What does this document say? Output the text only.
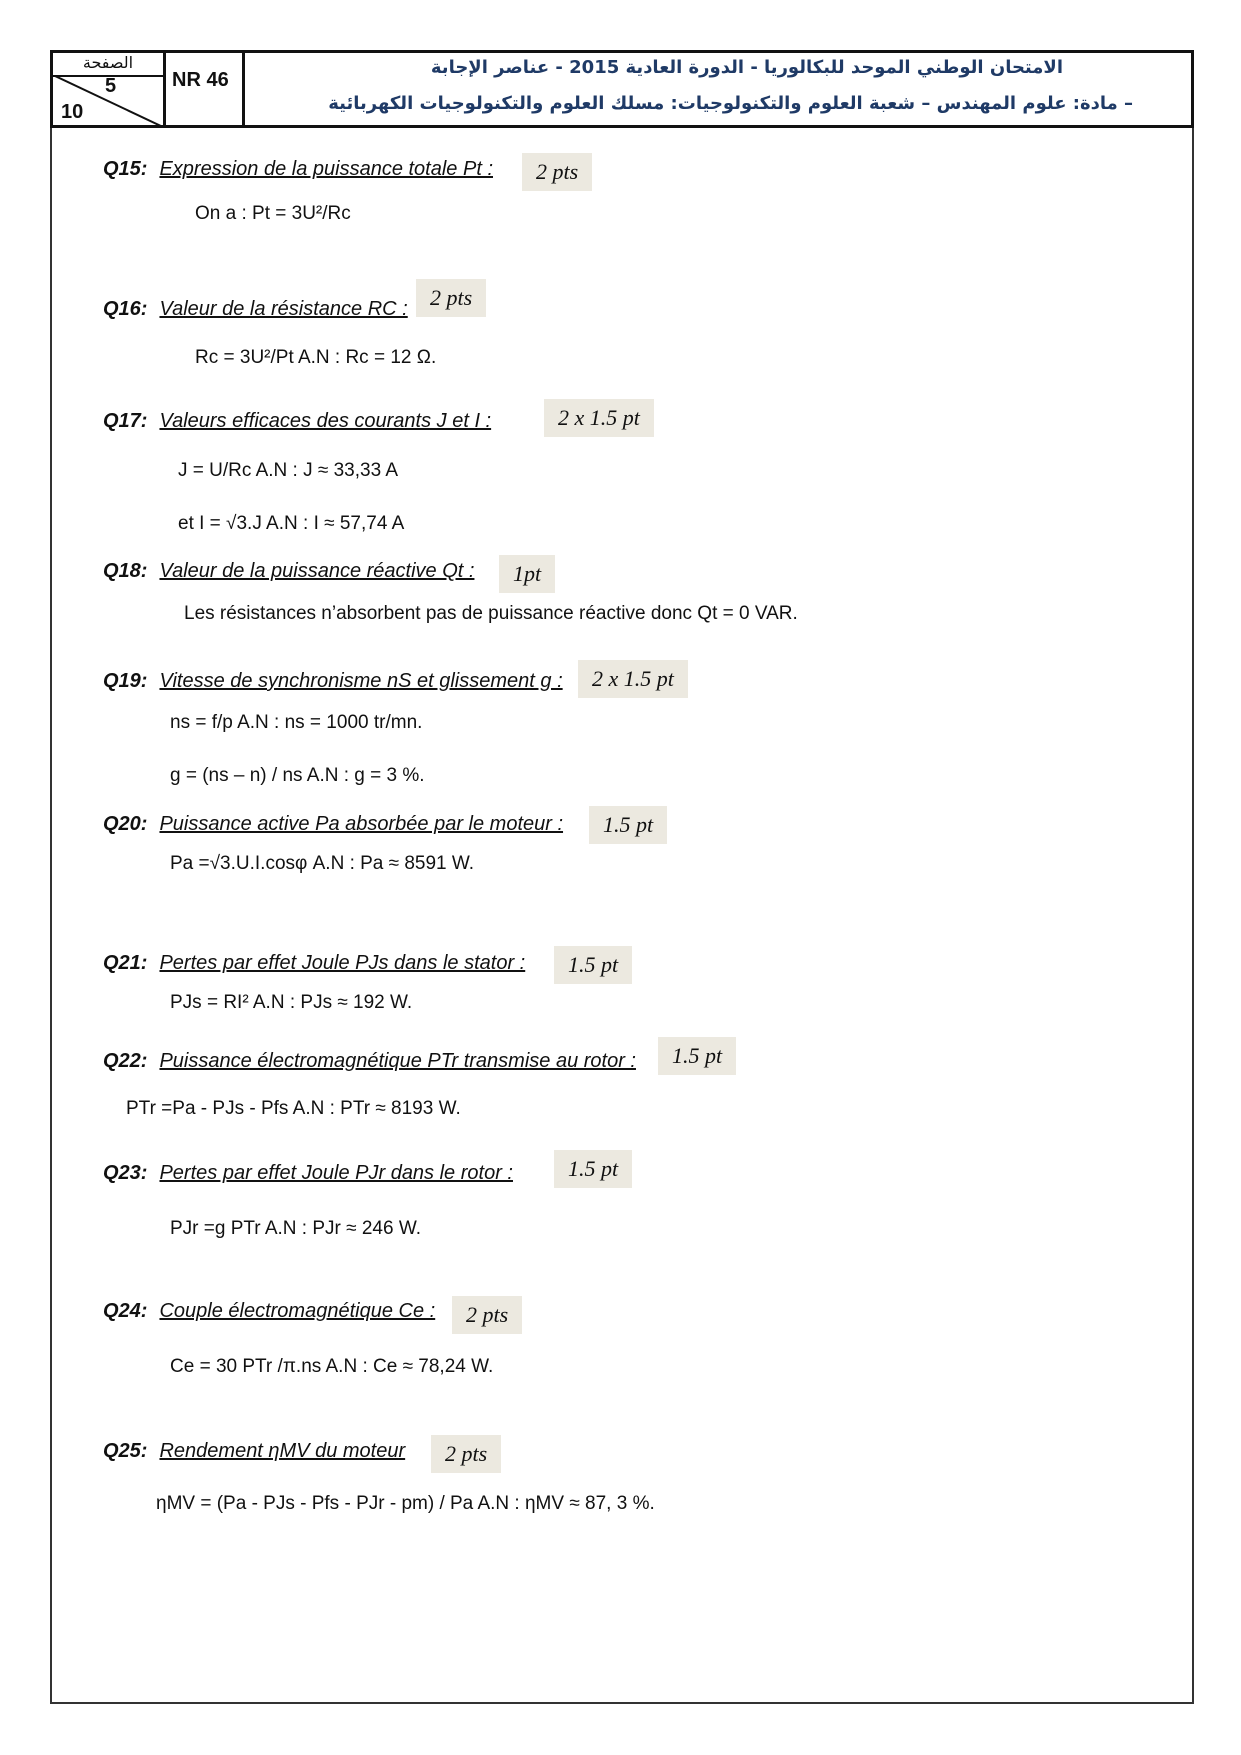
الصفحة
5
10
NR 46
الامتحان الوطني الموحد للبكالوريا - الدورة العادية 2015 - عناصر الإجابة
– مادة: علوم المهندس – شعبة العلوم والتكنولوجيات: مسلك العلوم والتكنولوجيات الكهربائية
Q15: Expression de la puissance totale Pt :	2 pts
On a : Pt = 3U²/Rc
Q16: Valeur de la résistance RC :	2 pts
Rc = 3U²/Pt A.N : Rc = 12 Ω.
Q17: Valeurs efficaces des courants J et I :	2 x 1.5 pt
J = U/Rc A.N : J ≈ 33,33 A
et I = √3.J A.N : I ≈ 57,74 A
Q18: Valeur de la puissance réactive Qt :	1pt
Les résistances n’absorbent pas de puissance réactive donc Qt = 0 VAR.
Q19: Vitesse de synchronisme nS et glissement g :	2 x 1.5 pt
ns = f/p A.N : ns = 1000 tr/mn.
g = (ns – n) / ns A.N : g = 3 %.
Q20: Puissance active Pa absorbée par le moteur :	1.5 pt
Pa =√3.U.I.cosφ A.N : Pa ≈ 8591 W.
Q21: Pertes par effet Joule PJs dans le stator :	1.5 pt
PJs = RI² A.N : PJs ≈ 192 W.
Q22: Puissance électromagnétique PTr transmise au rotor :	1.5 pt
PTr =Pa - PJs - Pfs A.N : PTr ≈ 8193 W.
Q23: Pertes par effet Joule PJr dans le rotor :	1.5 pt
PJr =g PTr A.N : PJr ≈ 246 W.
Q24: Couple électromagnétique Ce :	2 pts
Ce = 30 PTr /π.ns A.N : Ce ≈ 78,24 W.
Q25: Rendement ηMV du moteur	2 pts
ηMV = (Pa - PJs - Pfs - PJr - pm) / Pa A.N : ηMV ≈ 87, 3 %.
